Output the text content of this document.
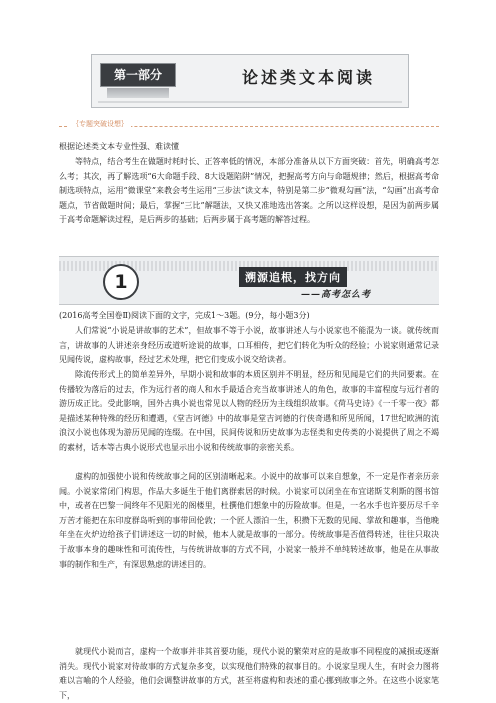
第一部分	论述类文本阅读
｛专题突破设想｝

根据论述类文本专业性强、难读懂

等特点，结合考生在做题时耗时长、正答率低的情况，本部分准备从以下方面突破：首先，明确高考怎么考；其次，再了解选项“6大命题手段、8大设题陷阱”情况，把握高考方向与命题规律；然后，根据高考命制选项特点，运用“微课堂”来教会考生运用“三步法”读文本，特别是第二步“微观勾画”法，“勾画”出高考命题点，节省做题时间；最后，掌握“三比”解题法，又快又准地选出答案。之所以这样设想，是因为前两步属于高考命题解读过程，是后两步的基础；后两步属于高考题的解答过程。

1	溯源追根，找方向
——高考怎么考

(2016高考全国卷Ⅱ)阅读下面的文字，完成1～3题。(9分，每小题3分)

人们常说“小说是讲故事的艺术”，但故事不等于小说，故事讲述人与小说家也不能混为一谈。就传统而言，讲故事的人讲述亲身经历或道听途说的故事，口耳相传，把它们转化为听众的经验；小说家则通常记录见闻传说，虚构故事，经过艺术处理，把它们变成小说交给读者。

除流传形式上的简单差异外，早期小说和故事的本质区别并不明显，经历和见闻是它们的共同要素。在传播较为落后的过去，作为远行者的商人和水手最适合充当故事讲述人的角色，故事的丰富程度与远行者的游历成正比。受此影响，国外古典小说也常见以人物的经历为主线组织故事。《荷马史诗》《一千零一夜》都是描述某种特殊的经历和遭遇，《堂吉诃德》中的故事是堂吉诃德的行侠奇遇和所见所闻，17世纪欧洲的流浪汉小说也体现为游历见闻的连缀。在中国，民间传说和历史故事为志怪类和史传类的小说提供了周之不竭的素材，话本等古典小说形式也显示出小说和传统故事的亲密关系。

虚构的加强使小说和传统故事之间的区别清晰起来。小说中的故事可以来自想象，不一定是作者亲历亲闻。小说家常闭门构思，作品大多诞生于他们离群索居的时候。小说家可以闭坐在布宜诺斯艾利斯的图书馆中，或者在巴黎一间终年不见阳光的阁楼里，杜撰他们想象中的历险故事。但是，一名水手也许要历尽千辛万苦才能把在东印度群岛听到的事带回伦敦；一个匠人漂泊一生，积攒下无数的见闻、掌故和趣事，当他晚年坐在火炉边给孩子们讲述这一切的时候，他本人就是故事的一部分。传统故事是否值得转述，往往只取决于故事本身的趣味性和可流传性，与传统讲故事的方式不同，小说家一般并不单纯转述故事，他是在从事故事的制作和生产，有深思熟虑的讲述目的。

就现代小说而言，虚构一个故事并非其首要功能，现代小说的繁荣对应的是故事不同程度的减损或逐渐消失。现代小说家对待故事的方式复杂多变，以实现他们特殊的叙事目的。小说家呈现人生，有时会力图将难以言喻的个人经验，他们会调整讲故事的方式，甚至将虚构和表述的重心挪到故事之外。在这些小说家笔下，
